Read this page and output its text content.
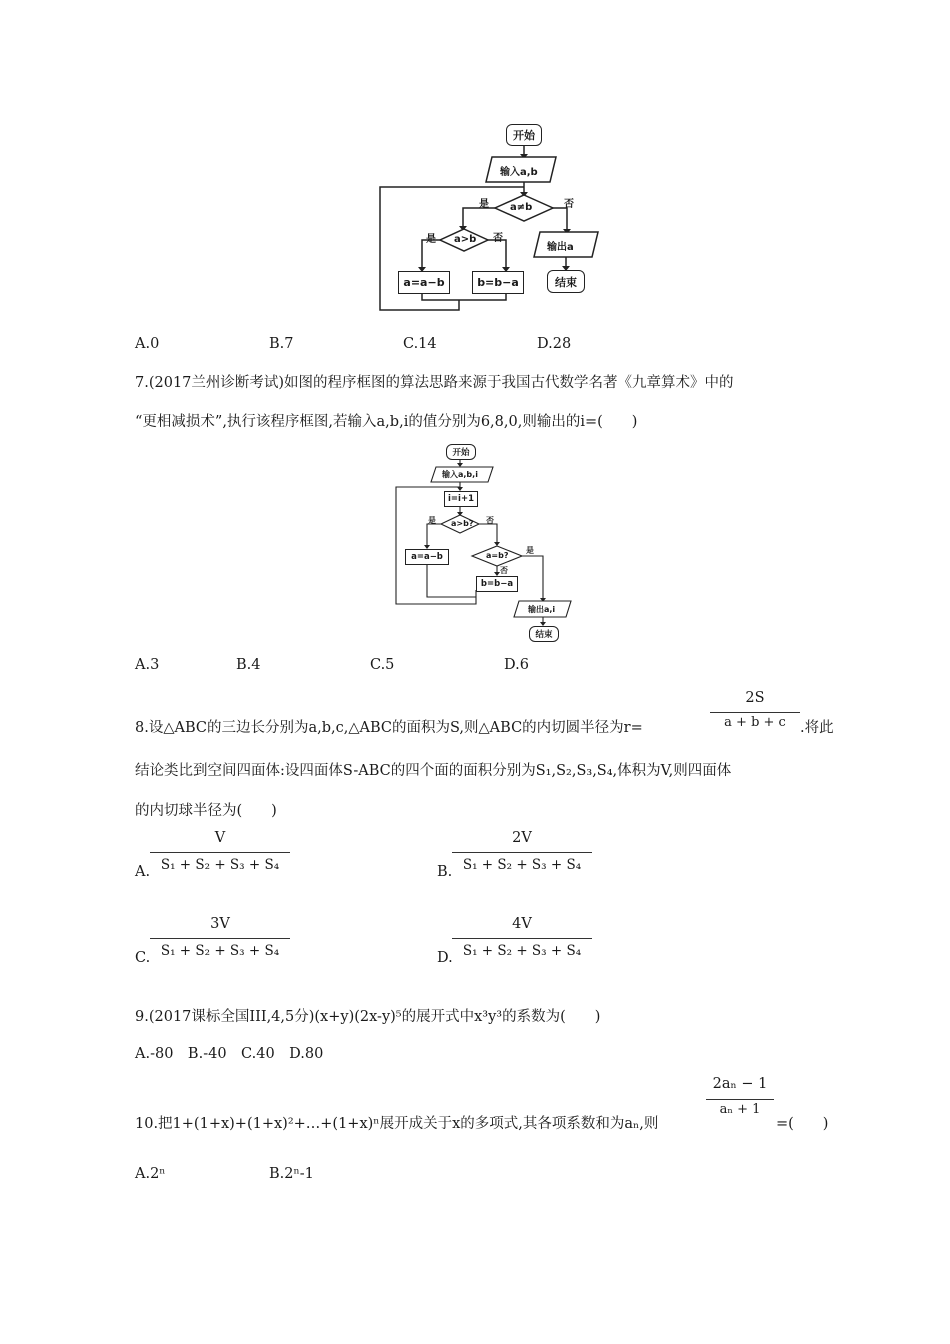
开始
输入a,b
a≠b
a>b
是	否
是	否
a=a−b	b=b−a
输出a
结束
A.0	B.7	C.14	D.28
7.(2017兰州诊断考试)如图的程序框图的算法思路来源于我国古代数学名著《九章算术》中的
“更相减损术”,执行该程序框图,若输入a,b,i的值分别为6,8,0,则输出的i=(　　)
开始
输入a,b,i
i=i+1
a>b?
是	否
a=a−b	a=b?
是
否
b=b−a
输出a,i
结束
A.3	B.4	C.5	D.6
8.设△ABC的三边长分别为a,b,c,△ABC的面积为S,则△ABC的内切圆半径为r=
2S
a + b + c .将此
结论类比到空间四面体:设四面体S-ABC的四个面的面积分别为S₁,S₂,S₃,S₄,体积为V,则四面体
的内切球半径为(　　)
A.
V
S₁ + S₂ + S₃ + S₄	B.
2V
S₁ + S₂ + S₃ + S₄
C.
3V
S₁ + S₂ + S₃ + S₄	D.
4V
S₁ + S₂ + S₃ + S₄
9.(2017课标全国III,4,5分)(x+y)(2x-y)⁵的展开式中x³y³的系数为(　　)
A.-80　B.-40　C.40　D.80
10.把1+(1+x)+(1+x)²+…+(1+x)ⁿ展开成关于x的多项式,其各项系数和为aₙ,则
2aₙ − 1
aₙ + 1
=(　　)
A.2ⁿ	B.2ⁿ-1
